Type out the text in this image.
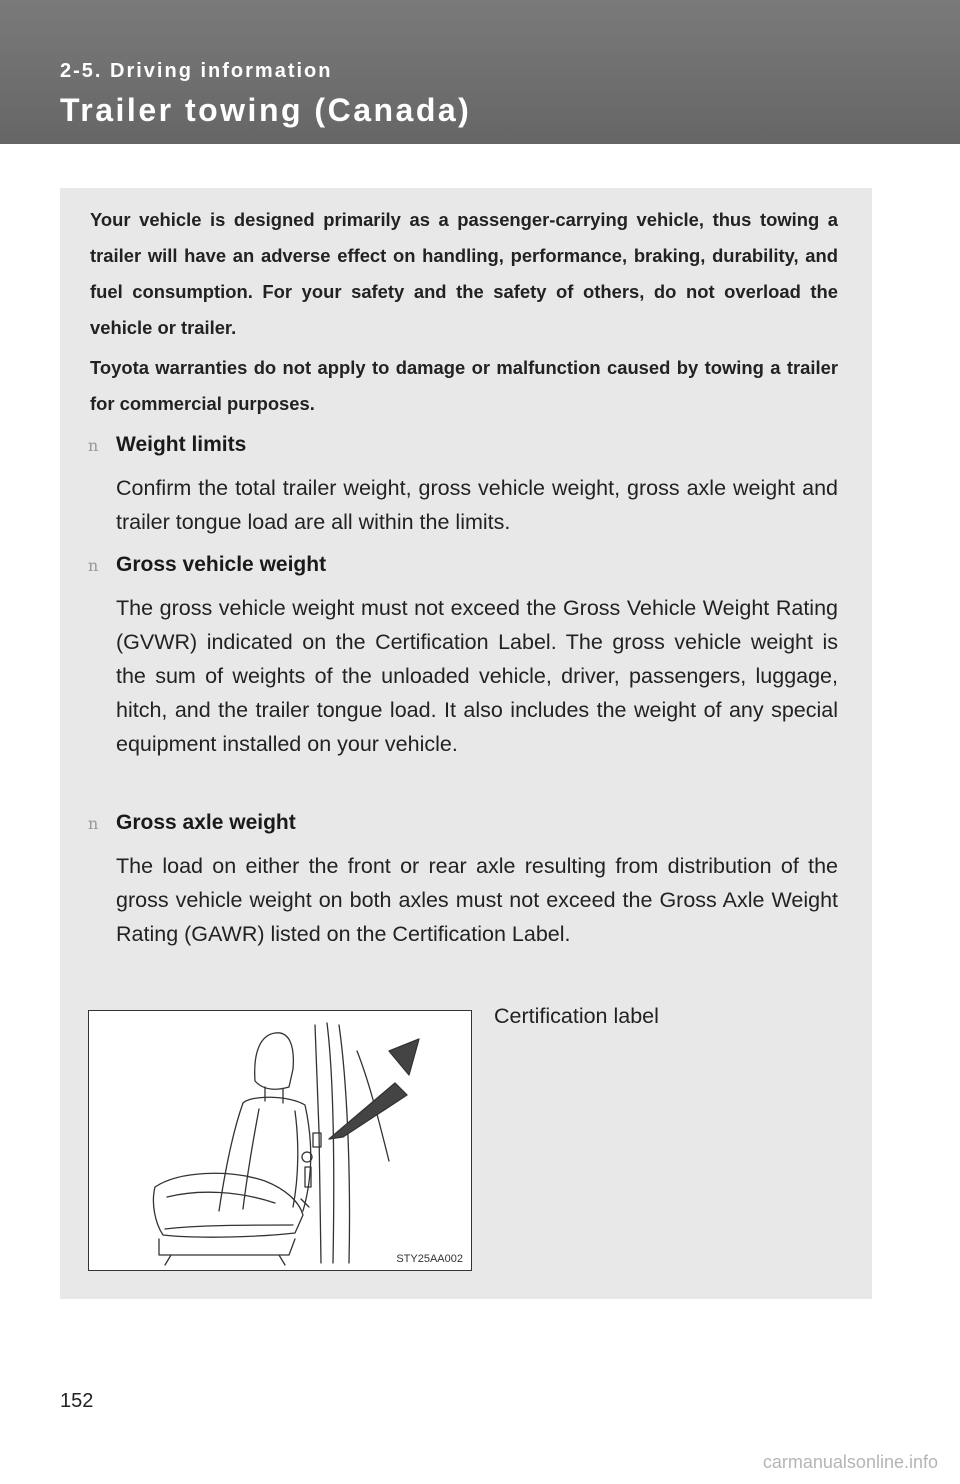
2-5. Driving information
Trailer towing (Canada)

Your vehicle is designed primarily as a passenger-carrying vehicle, thus towing a trailer will have an adverse effect on handling, performance, braking, durability, and fuel consumption. For your safety and the safety of others, do not overload the vehicle or trailer.

Toyota warranties do not apply to damage or malfunction caused by towing a trailer for commercial purposes.

n Weight limits

Confirm the total trailer weight, gross vehicle weight, gross axle weight and trailer tongue load are all within the limits.

n Gross vehicle weight

The gross vehicle weight must not exceed the Gross Vehicle Weight Rating (GVWR) indicated on the Certification Label. The gross vehicle weight is the sum of weights of the unloaded vehicle, driver, passengers, luggage, hitch, and the trailer tongue load. It also includes the weight of any special equipment installed on your vehicle.

n Gross axle weight

The load on either the front or rear axle resulting from distribution of the gross vehicle weight on both axles must not exceed the Gross Axle Weight Rating (GAWR) listed on the Certification Label.

STY25AA002
Certification label
152
carmanualsonline.info
